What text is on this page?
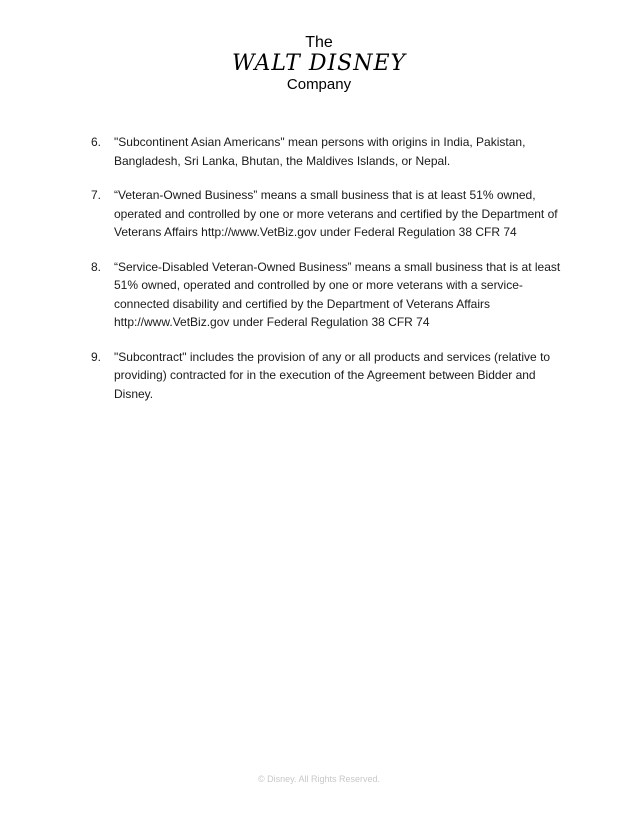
The
WALT DISNEY
Company
6.	"Subcontinent Asian Americans" mean persons with origins in India, Pakistan, Bangladesh, Sri Lanka, Bhutan, the Maldives Islands, or Nepal.
7.	“Veteran-Owned Business” means a small business that is at least 51% owned, operated and controlled by one or more veterans and certified by the Department of Veterans Affairs http://www.VetBiz.gov under Federal Regulation 38 CFR 74
8.	“Service-Disabled Veteran-Owned Business” means a small business that is at least 51% owned, operated and controlled by one or more veterans with a service-connected disability and certified by the Department of Veterans Affairs http://www.VetBiz.gov under Federal Regulation 38 CFR 74
9.	"Subcontract" includes the provision of any or all products and services (relative to providing) contracted for in the execution of the Agreement between Bidder and Disney.
© Disney. All Rights Reserved.
